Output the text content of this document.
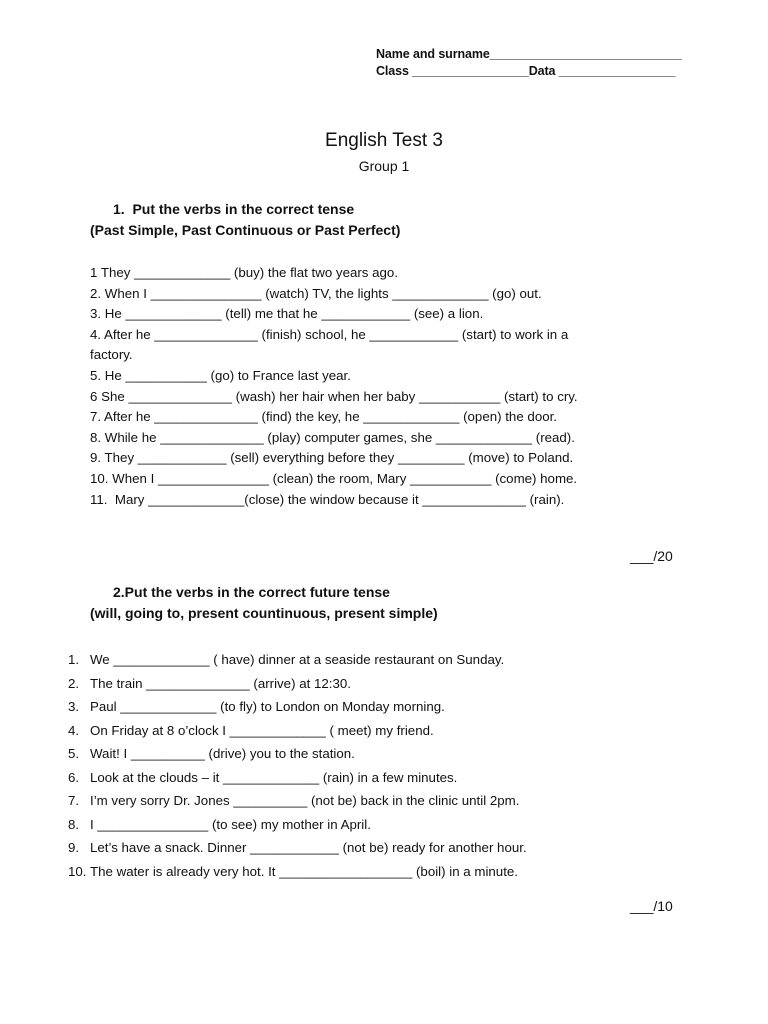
Name and surname____________________________
Class _________________Data _________________
English Test 3
Group 1
1.  Put the verbs in the correct tense
(Past Simple, Past Continuous or Past Perfect)
1 They _____________ (buy) the flat two years ago.
2. When I _______________ (watch) TV, the lights _____________ (go) out.
3. He _____________ (tell) me that he ____________ (see) a lion.
4. After he ______________ (finish) school, he ____________ (start) to work in a
factory.
5. He ___________ (go) to France last year.
6 She ______________ (wash) her hair when her baby ___________ (start) to cry.
7. After he ______________ (find) the key, he _____________ (open) the door.
8. While he ______________ (play) computer games, she _____________ (read).
9. They ____________ (sell) everything before they _________ (move) to Poland.
10. When I _______________ (clean) the room, Mary ___________ (come) home.
11.  Mary _____________(close) the window because it ______________ (rain).
___/20
2.Put the verbs in the correct future tense
(will, going to, present countinuous, present simple)
1. We _____________ ( have) dinner at a seaside restaurant on Sunday.
2. The train ______________ (arrive) at 12:30.
3. Paul _____________ (to fly) to London on Monday morning.
4. On Friday at 8 o’clock I _____________ ( meet) my friend.
5. Wait! I __________ (drive) you to the station.
6. Look at the clouds – it _____________ (rain) in a few minutes.
7. I’m very sorry Dr. Jones __________ (not be) back in the clinic until 2pm.
8. I _______________ (to see) my mother in April.
9. Let’s have a snack. Dinner ____________ (not be) ready for another hour.
10. The water is already very hot. It __________________ (boil) in a minute.
___/10
